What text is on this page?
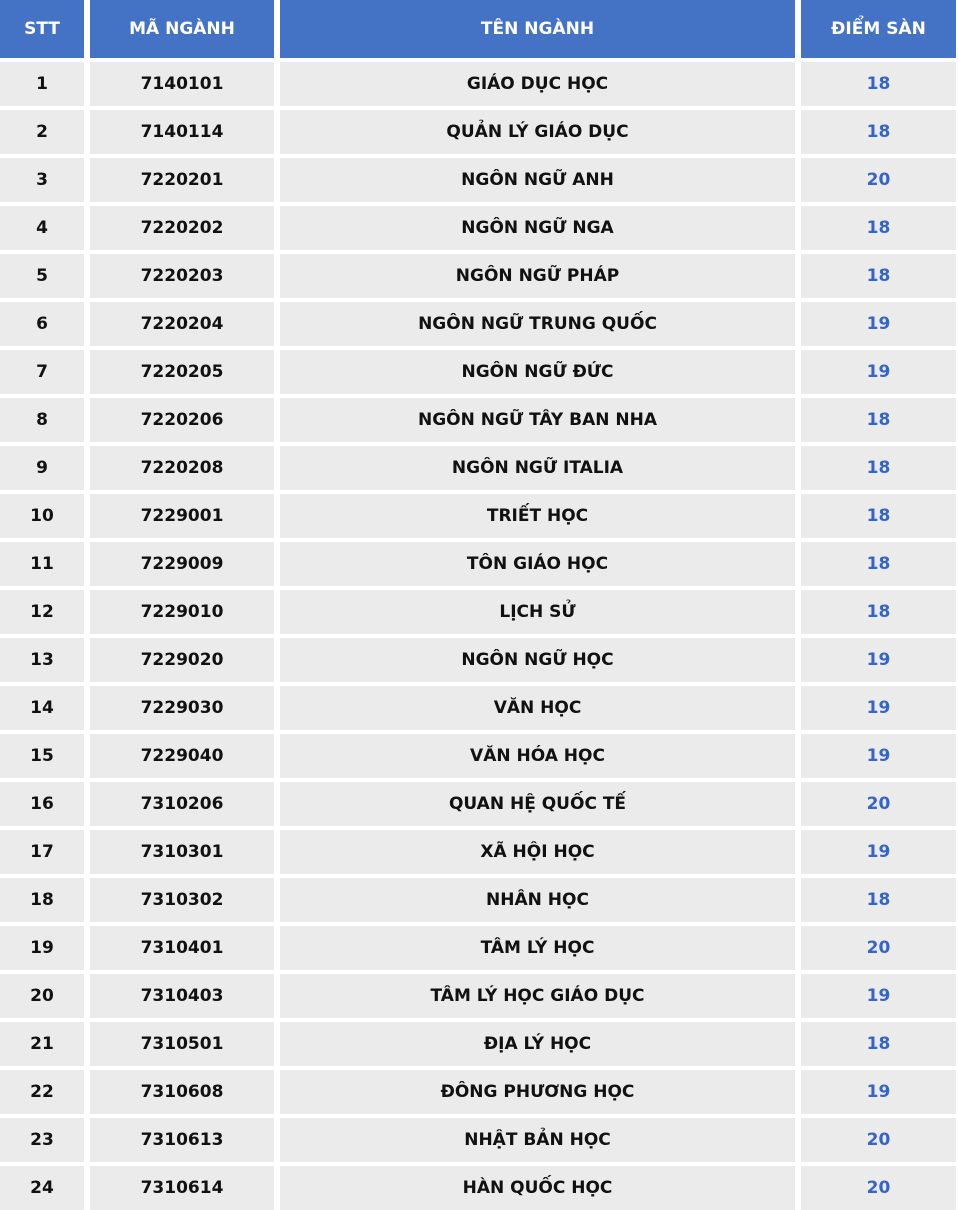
STT	MÃ NGÀNH	TÊN NGÀNH	ĐIỂM SÀN
1	7140101	GIÁO DỤC HỌC	18
2	7140114	QUẢN LÝ GIÁO DỤC	18
3	7220201	NGÔN NGỮ ANH	20
4	7220202	NGÔN NGỮ NGA	18
5	7220203	NGÔN NGỮ PHÁP	18
6	7220204	NGÔN NGỮ TRUNG QUỐC	19
7	7220205	NGÔN NGỮ ĐỨC	19
8	7220206	NGÔN NGỮ TÂY BAN NHA	18
9	7220208	NGÔN NGỮ ITALIA	18
10	7229001	TRIẾT HỌC	18
11	7229009	TÔN GIÁO HỌC	18
12	7229010	LỊCH SỬ	18
13	7229020	NGÔN NGỮ HỌC	19
14	7229030	VĂN HỌC	19
15	7229040	VĂN HÓA HỌC	19
16	7310206	QUAN HỆ QUỐC TẾ	20
17	7310301	XÃ HỘI HỌC	19
18	7310302	NHÂN HỌC	18
19	7310401	TÂM LÝ HỌC	20
20	7310403	TÂM LÝ HỌC GIÁO DỤC	19
21	7310501	ĐỊA LÝ HỌC	18
22	7310608	ĐÔNG PHƯƠNG HỌC	19
23	7310613	NHẬT BẢN HỌC	20
24	7310614	HÀN QUỐC HỌC	20
